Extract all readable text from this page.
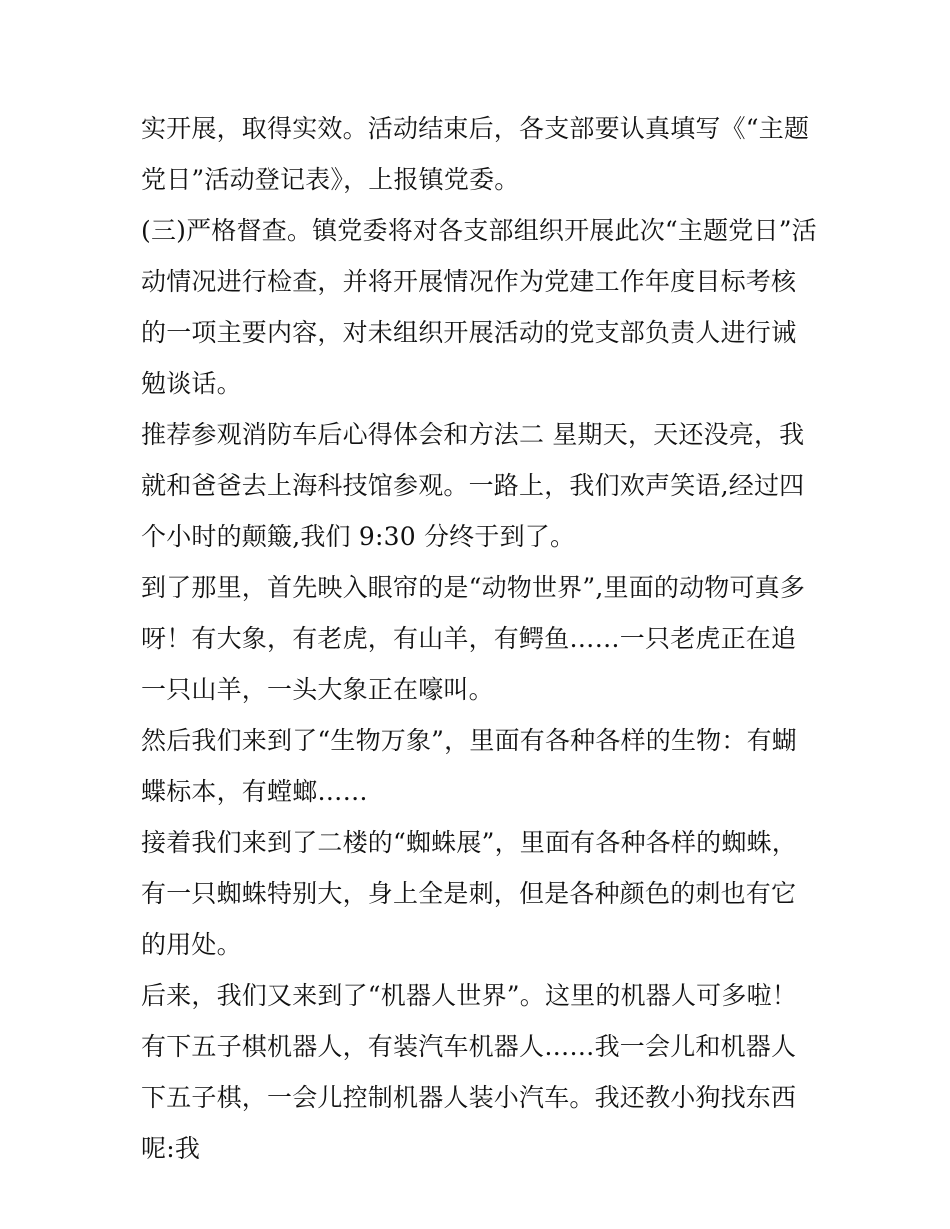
实开展，取得实效。活动结束后，各支部要认真填写《“主题党日”活动登记表》，上报镇党委。

(三)严格督查。镇党委将对各支部组织开展此次“主题党日”活动情况进行检查，并将开展情况作为党建工作年度目标考核的一项主要内容，对未组织开展活动的党支部负责人进行诫勉谈话。

推荐参观消防车后心得体会和方法二 星期天，天还没亮，我就和爸爸去上海科技馆参观。一路上，我们欢声笑语,经过四个小时的颠簸,我们 9:30 分终于到了。

到了那里，首先映入眼帘的是“动物世界”,里面的动物可真多呀！有大象，有老虎，有山羊，有鳄鱼……一只老虎正在追一只山羊，一头大象正在嚎叫。

然后我们来到了“生物万象”，里面有各种各样的生物：有蝴蝶标本，有螳螂……

接着我们来到了二楼的“蜘蛛展”，里面有各种各样的蜘蛛，有一只蜘蛛特别大，身上全是刺，但是各种颜色的刺也有它的用处。

后来，我们又来到了“机器人世界”。这里的机器人可多啦！有下五子棋机器人，有装汽车机器人……我一会儿和机器人下五子棋，一会儿控制机器人装小汽车。我还教小狗找东西呢:我
